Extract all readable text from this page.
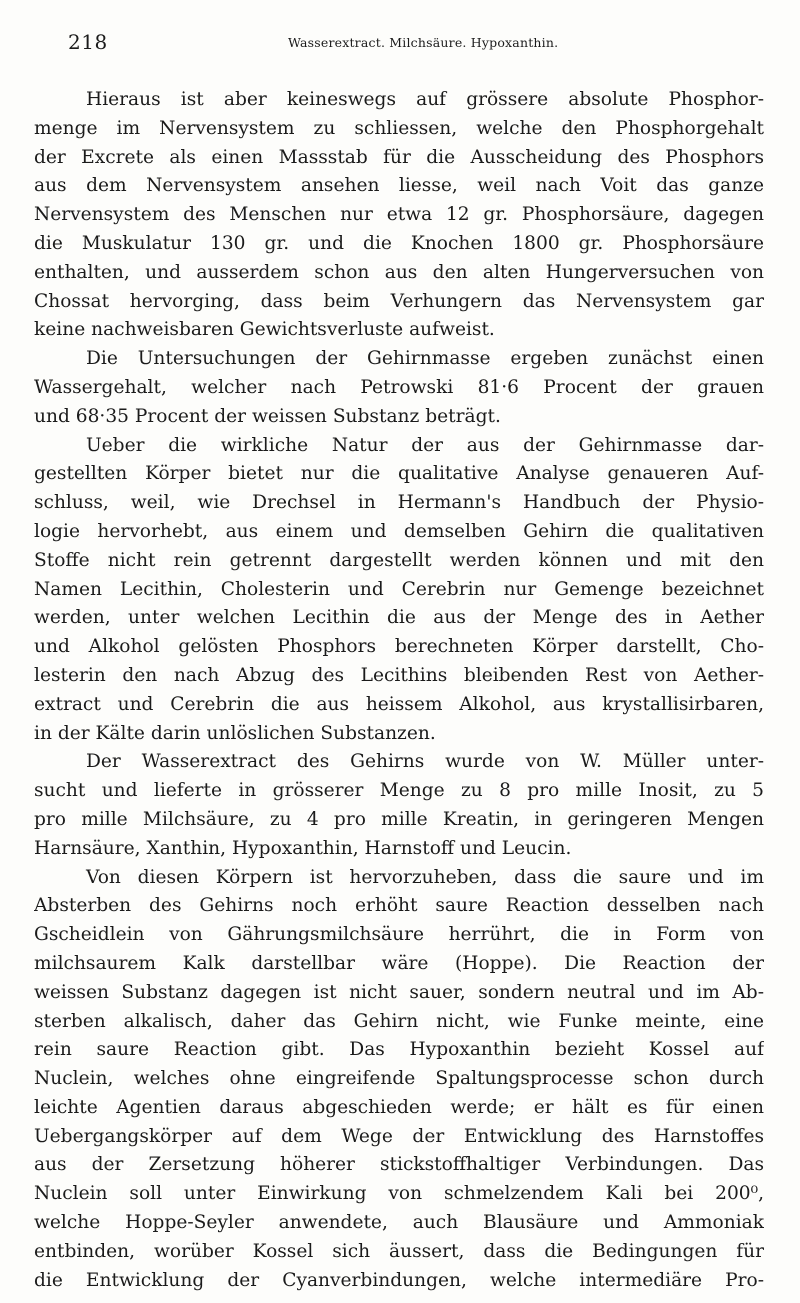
218	Wasserextract. Milchsäure. Hypoxanthin.
Hieraus ist aber keineswegs auf grössere absolute Phosphor-
menge im Nervensystem zu schliessen, welche den Phosphorgehalt
der Excrete als einen Massstab für die Ausscheidung des Phosphors
aus dem Nervensystem ansehen liesse, weil nach Voit das ganze
Nervensystem des Menschen nur etwa 12 gr. Phosphorsäure, dagegen
die Muskulatur 130 gr. und die Knochen 1800 gr. Phosphorsäure
enthalten, und ausserdem schon aus den alten Hungerversuchen von
Chossat hervorging, dass beim Verhungern das Nervensystem gar
keine nachweisbaren Gewichtsverluste aufweist.
Die Untersuchungen der Gehirnmasse ergeben zunächst einen
Wassergehalt, welcher nach Petrowski 81·6 Procent der grauen
und 68·35 Procent der weissen Substanz beträgt.
Ueber die wirkliche Natur der aus der Gehirnmasse dar-
gestellten Körper bietet nur die qualitative Analyse genaueren Auf-
schluss, weil, wie Drechsel in Hermann's Handbuch der Physio-
logie hervorhebt, aus einem und demselben Gehirn die qualitativen
Stoffe nicht rein getrennt dargestellt werden können und mit den
Namen Lecithin, Cholesterin und Cerebrin nur Gemenge bezeichnet
werden, unter welchen Lecithin die aus der Menge des in Aether
und Alkohol gelösten Phosphors berechneten Körper darstellt, Cho-
lesterin den nach Abzug des Lecithins bleibenden Rest von Aether-
extract und Cerebrin die aus heissem Alkohol, aus krystallisirbaren,
in der Kälte darin unlöslichen Substanzen.
Der Wasserextract des Gehirns wurde von W. Müller unter-
sucht und lieferte in grösserer Menge zu 8 pro mille Inosit, zu 5
pro mille Milchsäure, zu 4 pro mille Kreatin, in geringeren Mengen
Harnsäure, Xanthin, Hypoxanthin, Harnstoff und Leucin.
Von diesen Körpern ist hervorzuheben, dass die saure und im
Absterben des Gehirns noch erhöht saure Reaction desselben nach
Gscheidlein von Gährungsmilchsäure herrührt, die in Form von
milchsaurem Kalk darstellbar wäre (Hoppe). Die Reaction der
weissen Substanz dagegen ist nicht sauer, sondern neutral und im Ab-
sterben alkalisch, daher das Gehirn nicht, wie Funke meinte, eine
rein saure Reaction gibt. Das Hypoxanthin bezieht Kossel auf
Nuclein, welches ohne eingreifende Spaltungsprocesse schon durch
leichte Agentien daraus abgeschieden werde; er hält es für einen
Uebergangskörper auf dem Wege der Entwicklung des Harnstoffes
aus der Zersetzung höherer stickstoffhaltiger Verbindungen. Das
Nuclein soll unter Einwirkung von schmelzendem Kali bei 200⁰,
welche Hoppe-Seyler anwendete, auch Blausäure und Ammoniak
entbinden, worüber Kossel sich äussert, dass die Bedingungen für
die Entwicklung der Cyanverbindungen, welche intermediäre Pro-
